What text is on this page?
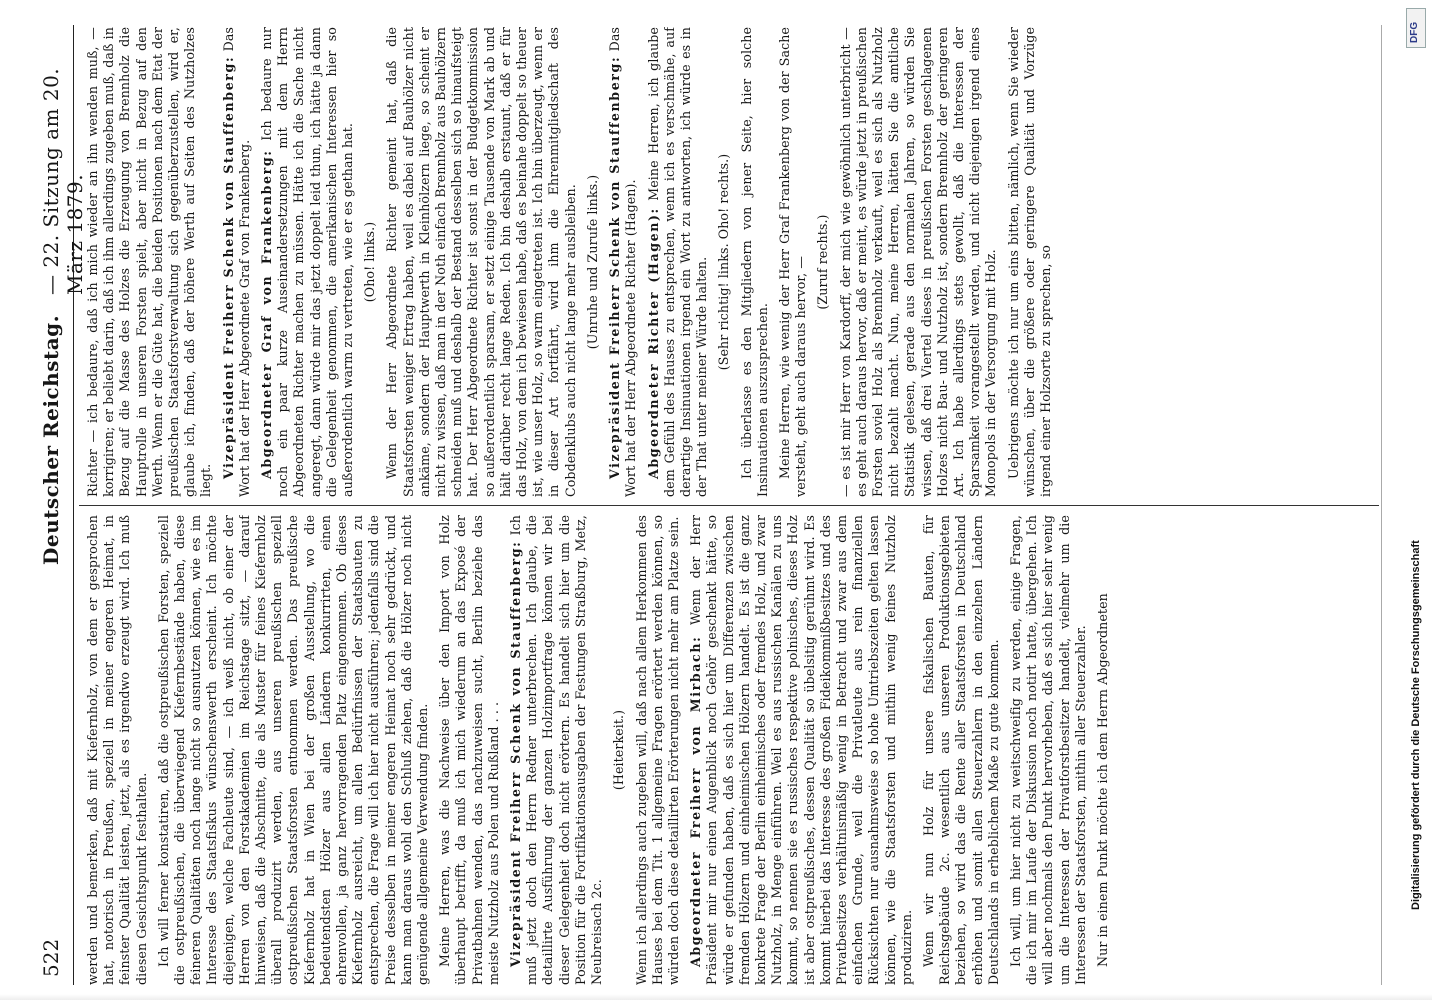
522
Deutscher Reichstag.
— 22. Sitzung am 20. März 1879.

werden und bemerken, daß mit Kiefernholz, von dem er gesprochen hat, notorisch in Preußen, speziell in meiner engeren Heimat, in feinster Qualität leisten, jetzt, als es irgendwo erzeugt wird. Ich muß diesen Gesichtspunkt festhalten. Ich will ferner konstatiren, daß die ostpreußischen Forsten, speziell die ostpreußischen, die überwiegend Kiefernbestände haben, diese feineren Qualitäten noch lange nicht so ausnutzen können, wie es im Interesse des Staatsfiskus wünschenswerth erscheint. Ich möchte diejenigen, welche Fachleute sind, — ich weiß nicht, ob einer der Herren von den Forstakademien im Reichstage sitzt, — darauf hinweisen, daß die Abschnitte, die als Muster für feines Kiefernholz überall produzirt werden, aus unseren preußischen speziell ostpreußischen Staatsforsten entnommen werden. Das preußische Kiefernholz hat in Wien bei der großen Ausstellung, wo die bedeutendsten Hölzer aus allen Ländern konkurrirten, einen ehrenvollen, ja ganz hervorragenden Platz eingenommen. Ob dieses Kiefernholz ausreicht, um allen Bedürfnissen der Staatsbauten zu entsprechen, die Frage will ich hier nicht ausführen; jedenfalls sind die Preise desselben in meiner engeren Heimat noch sehr gedrückt, und kann man daraus wohl den Schluß ziehen, daß die Hölzer noch nicht genügende allgemeine Verwendung finden. Meine Herren, was die Nachweise über den Import von Holz überhaupt betrifft, da muß ich mich wiederum an das Exposé der Privatbahnen wenden, das nachzuweisen sucht, Berlin beziehe das meiste Nutzholz aus Polen und Rußland . . . Vizepräsident Freiherr Schenk von Stauffenberg: Ich muß jetzt doch den Herrn Redner unterbrechen. Ich glaube, die detaillirte Ausführung der ganzen Holzimportfrage können wir bei dieser Gelegenheit doch nicht erörtern. Es handelt sich hier um die Position für die Fortifikationsausgaben der Festungen Straßburg, Metz, Neubreisach 2c.

(Heiterkeit.) Wenn ich allerdings auch zugeben will, daß nach allem Herkommen des Hauses bei dem Tit. 1 allgemeine Fragen erörtert werden können, so würden doch diese detaillirten Erörterungen nicht mehr am Platze sein. Abgeordneter Freiherr von Mirbach: Wenn der Herr Präsident mir nur einen Augenblick noch Gehör geschenkt hätte, so würde er gefunden haben, daß es sich hier um Differenzen zwischen fremden Hölzern und einheimischen Hölzern handelt. Es ist die ganz konkrete Frage der Berlin einheimisches oder fremdes Holz, und zwar Nutzholz, in Menge einführen. Weil es aus russischen Kanälen zu uns kommt, so nennen sie es russisches respektive polnisches, dieses Holz ist aber ostpreußisches, dessen Qualität so übelsitig gerühmt wird. Es kommt hierbei das Interesse des großen Fideikommißbesitzes und des Privatbesitzes verhältnismäßig wenig in Betracht und zwar aus dem einfachen Grunde, weil die Privatleute aus rein finanziellen Rücksichten nur ausnahmsweise so hohe Umtriebszeiten gelten lassen können, wie die Staatsforsten und mithin wenig feines Nutzholz produziren. Wenn wir nun Holz für unsere fiskalischen Bauten, für Reichsgebäude 2c. wesentlich aus unseren Produktionsgebieten beziehen, so wird das die Rente aller Staatsforsten in Deutschland erhöhen und somit allen Steuerzahlern in den einzelnen Ländern Deutschlands in erheblichem Maße zu gute kommen. Ich will, um hier nicht zu weitschweifig zu werden, einige Fragen, die ich mir im Laufe der Diskussion noch notirt hatte, übergehen. Ich will aber nochmals den Punkt hervorheben, daß es sich hier sehr wenig um die Interessen der Privatforstbesitzer handelt, vielmehr um die Interessen der Staatsforsten, mithin aller Steuerzahler. Nur in einem Punkt möchte ich dem Herrn Abgeordneten

Richter — ich bedaure, daß ich mich wieder an ihn wenden muß, — korrigiren; er beliebt darin, daß ich ihm allerdings zugeben muß, daß in Bezug auf die Masse des Holzes die Erzeugung von Brennholz die Hauptrolle in unseren Forsten spielt, aber nicht in Bezug auf den Werth. Wenn er die Güte hat, die beiden Positionen nach dem Etat der preußischen Staatsforstverwaltung sich gegenüberzustellen, wird er, glaube ich, finden, daß der höhere Werth auf Seiten des Nutzholzes liegt.

Vizepräsident Freiherr Schenk von Stauffenberg: Das Wort hat der Herr Abgeordnete Graf von Frankenberg. Abgeordneter Graf von Frankenberg: Ich bedaure nur noch ein paar kurze Auseinandersetzungen mit dem Herrn Abgeordneten Richter machen zu müssen. Hätte ich die Sache nicht angeregt, dann würde mir das jetzt doppelt leid thun, ich hätte ja dann die Gelegenheit genommen, die amerikanischen Interessen hier so außerordentlich warm zu vertreten, wie er es gethan hat. (Oho! links.) Wenn der Herr Abgeordnete Richter gemeint hat, daß die Staatsforsten weniger Ertrag haben, weil es dabei auf Bauhölzer nicht ankäme, sondern der Hauptwerth in Kleinhölzern liege, so scheint er nicht zu wissen, daß man in der Noth einfach Brennholz aus Bauhölzern schneiden muß und deshalb der Bestand desselben sich so hinaufsteigt hat. Der Herr Abgeordnete Richter ist sonst in der Budgetkommission so außerordentlich sparsam, er setzt einige Tausende von Mark ab und hält darüber recht lange Reden. Ich bin deshalb erstaunt, daß er für das Holz, von dem ich bewiesen habe, daß es beinahe doppelt so theuer ist, wie unser Holz, so warm eingetreten ist. Ich bin überzeugt, wenn er in dieser Art fortfährt, wird ihm die Ehrenmitgliedschaft des Cobdenklubs auch nicht lange mehr ausbleiben. (Unruhe und Zurufe links.) Vizepräsident Freiherr Schenk von Stauffenberg: Das Wort hat der Herr Abgeordnete Richter (Hagen). Abgeordneter Richter (Hagen): Meine Herren, ich glaube dem Gefühl des Hauses zu entsprechen, wenn ich es verschmähe, auf derartige Insinuationen irgend ein Wort zu antworten, ich würde es in der That unter meiner Würde halten. (Sehr richtig! links. Oho! rechts.) Ich überlasse es den Mitgliedern von jener Seite, hier solche Insinuationen auszusprechen. Meine Herren, wie wenig der Herr Graf Frankenberg von der Sache versteht, geht auch daraus hervor, — (Zuruf rechts.) — es ist mir Herr von Kardorff, der mich wie gewöhnlich unterbricht — es geht auch daraus hervor, daß er meint, es würde jetzt in preußischen Forsten soviel Holz als Brennholz verkauft, weil es sich als Nutzholz nicht bezahlt macht. Nun, meine Herren, hätten Sie die amtliche Statistik gelesen, gerade aus den normalen Jahren, so würden Sie wissen, daß drei Viertel dieses in preußischen Forsten geschlagenen Holzes nicht Bau- und Nutzholz ist, sondern Brennholz der geringeren Art. Ich habe allerdings stets gewollt, daß die Interessen der Sparsamkeit vorangestellt werden, und nicht diejenigen irgend eines Monopols in der Versorgung mit Holz. Uebrigens möchte ich nur um eins bitten, nämlich, wenn Sie wieder wünschen, über die größere oder geringere Qualität und Vorzüge irgend einer Holzsorte zu sprechen, so

DFG
Digitalisierung gefördert durch die Deutsche Forschungsgemeinschaft
